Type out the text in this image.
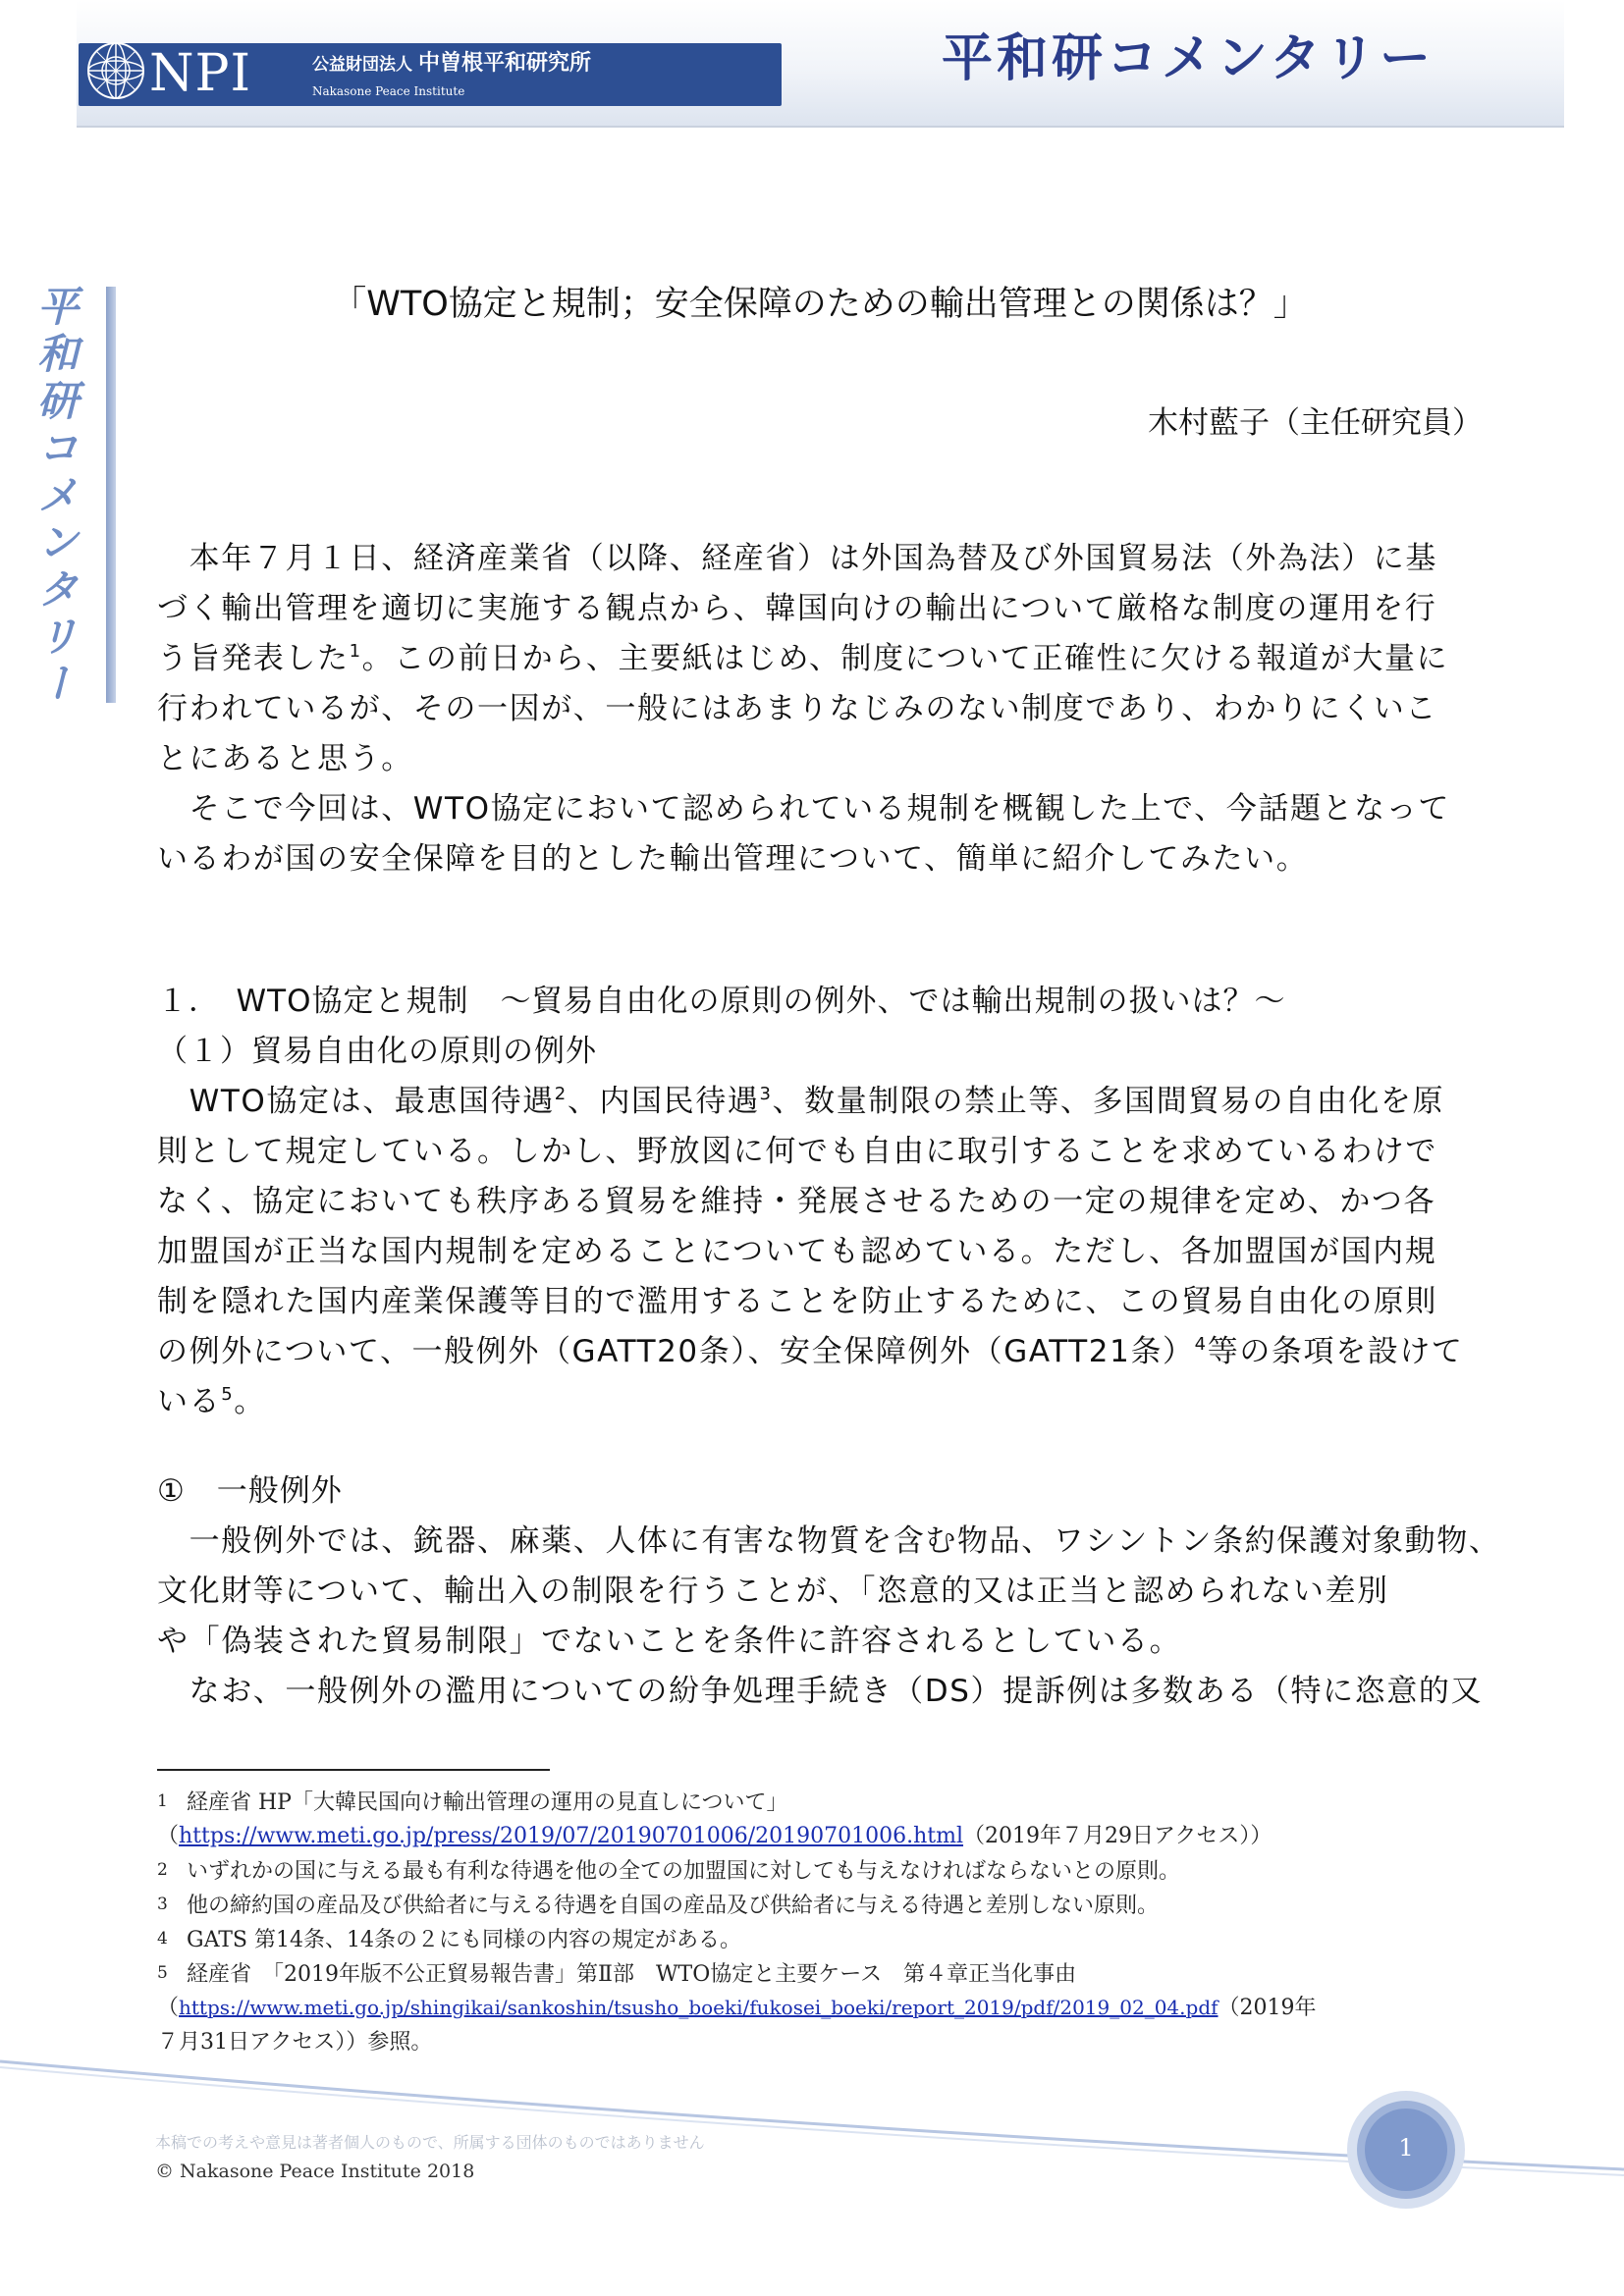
NPI	公益財団法人 中曽根平和研究所
Nakasone Peace Institute
平和研コメンタリー
平和研コメンタリー	「WTO協定と規制；安全保障のための輸出管理との関係は？」
木村藍子（主任研究員）
　本年７月１日、経済産業省（以降、経産省）は外国為替及び外国貿易法（外為法）に基
づく輸出管理を適切に実施する観点から、韓国向けの輸出について厳格な制度の運用を行
う旨発表した$^1$。この前日から、主要紙はじめ、制度について正確性に欠ける報道が大量に
行われているが、その一因が、一般にはあまりなじみのない制度であり、わかりにくいこ
とにあると思う。
　そこで今回は、WTO協定において認められている規制を概観した上で、今話題となって
いるわが国の安全保障を目的とした輸出管理について、簡単に紹介してみたい。
１．　WTO協定と規制　～貿易自由化の原則の例外、では輸出規制の扱いは？～
（１）貿易自由化の原則の例外
　WTO協定は、最恵国待遇$^2$、内国民待遇$^3$、数量制限の禁止等、多国間貿易の自由化を原
則として規定している。しかし、野放図に何でも自由に取引することを求めているわけで
なく、協定においても秩序ある貿易を維持・発展させるための一定の規律を定め、かつ各
加盟国が正当な国内規制を定めることについても認めている。ただし、各加盟国が国内規
制を隠れた国内産業保護等目的で濫用することを防止するために、この貿易自由化の原則
の例外について、一般例外（GATT20条）、安全保障例外（GATT21条）$^4$等の条項を設けて
いる$^5$。
①　一般例外
　一般例外では、銃器、麻薬、人体に有害な物質を含む物品、ワシントン条約保護対象動物、
文化財等について、輸出入の制限を行うことが、「恣意的又は正当と認められない差別
や「偽装された貿易制限」でないことを条件に許容されるとしている。
　なお、一般例外の濫用についての紛争処理手続き（DS）提訴例は多数ある（特に恣意的又
1 経産省 HP「大韓民国向け輸出管理の運用の見直しについて」
（https://www.meti.go.jp/press/2019/07/20190701006/20190701006.html（2019年７月29日アクセス））
2 いずれかの国に与える最も有利な待遇を他の全ての加盟国に対しても与えなければならないとの原則。
3 他の締約国の産品及び供給者に与える待遇を自国の産品及び供給者に与える待遇と差別しない原則。
4 GATS 第14条、14条の２にも同様の内容の規定がある。
5 経産省　「2019年版不公正貿易報告書」第Ⅱ部　WTO協定と主要ケース　第４章正当化事由
（https://www.meti.go.jp/shingikai/sankoshin/tsusho_boeki/fukosei_boeki/report_2019/pdf/2019_02_04.pdf（2019年
７月31日アクセス））参照。
本稿での考えや意見は著者個人のもので、所属する団体のものではありません
© Nakasone Peace Institute 2018
1
